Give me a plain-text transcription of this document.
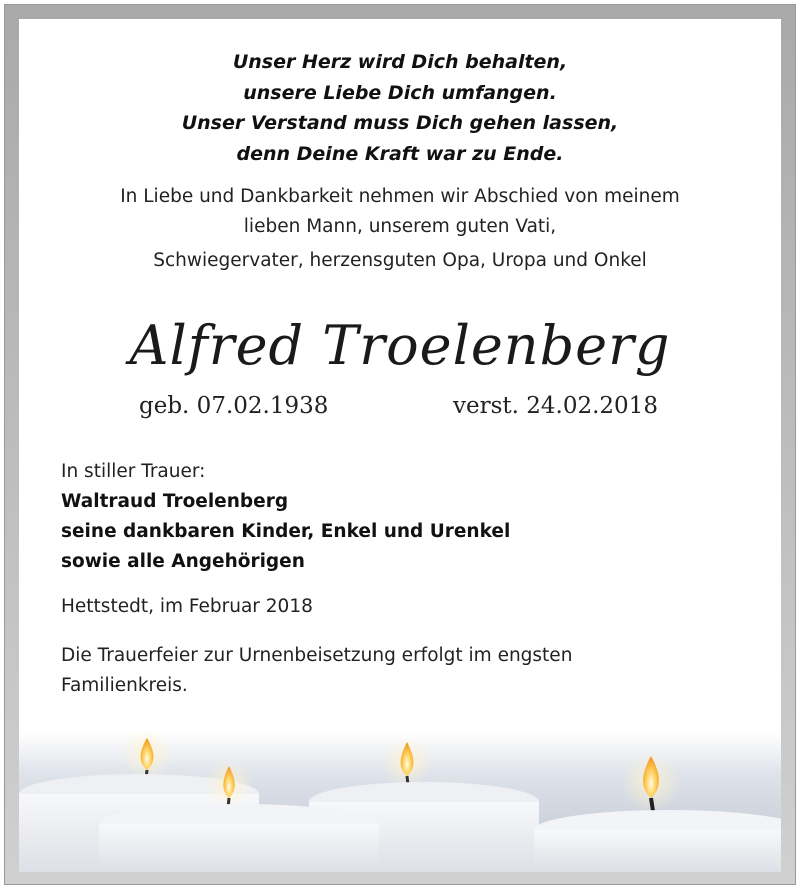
Unser Herz wird Dich behalten,
unsere Liebe Dich umfangen.
Unser Verstand muss Dich gehen lassen,
denn Deine Kraft war zu Ende.
In Liebe und Dankbarkeit nehmen wir Abschied von meinem
lieben Mann, unserem guten Vati,
Schwiegervater, herzensguten Opa, Uropa und Onkel
Alfred Troelenberg
geb. 07.02.1938	verst. 24.02.2018
In stiller Trauer:
Waltraud Troelenberg
seine dankbaren Kinder, Enkel und Urenkel
sowie alle Angehörigen
Hettstedt, im Februar 2018
Die Trauerfeier zur Urnenbeisetzung erfolgt im engsten Familienkreis.
